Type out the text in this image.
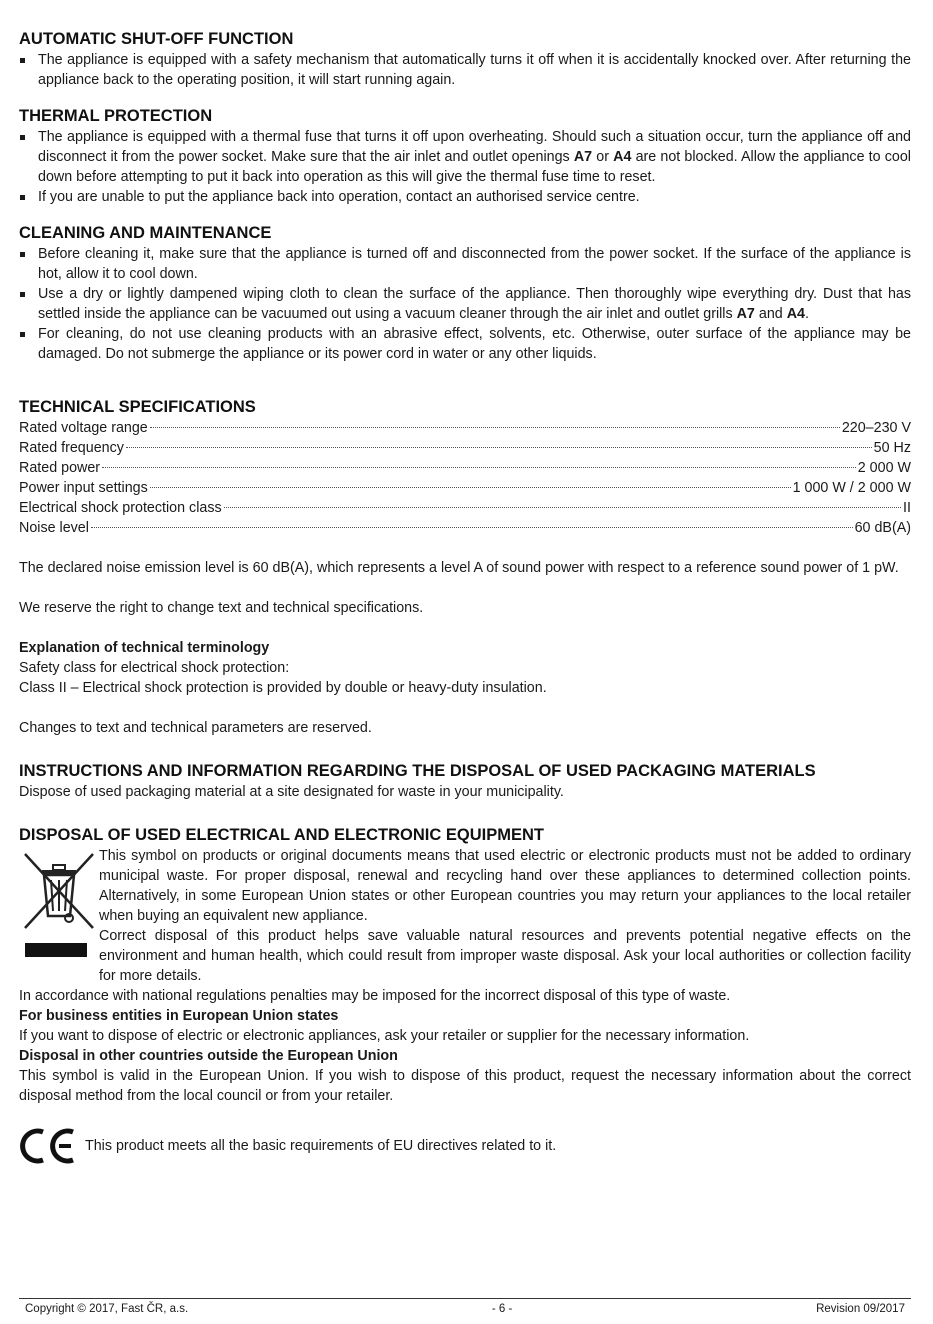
AUTOMATIC SHUT-OFF FUNCTION
The appliance is equipped with a safety mechanism that automatically turns it off when it is accidentally knocked over. After returning the appliance back to the operating position, it will start running again.
THERMAL PROTECTION
The appliance is equipped with a thermal fuse that turns it off upon overheating. Should such a situation occur, turn the appliance off and disconnect it from the power socket. Make sure that the air inlet and outlet openings A7 or A4 are not blocked. Allow the appliance to cool down before attempting to put it back into operation as this will give the thermal fuse time to reset.
If you are unable to put the appliance back into operation, contact an authorised service centre.
CLEANING AND MAINTENANCE
Before cleaning it, make sure that the appliance is turned off and disconnected from the power socket. If the surface of the appliance is hot, allow it to cool down.
Use a dry or lightly dampened wiping cloth to clean the surface of the appliance. Then thoroughly wipe everything dry. Dust that has settled inside the appliance can be vacuumed out using a vacuum cleaner through the air inlet and outlet grills A7 and A4.
For cleaning, do not use cleaning products with an abrasive effect, solvents, etc. Otherwise, outer surface of the appliance may be damaged. Do not submerge the appliance or its power cord in water or any other liquids.
TECHNICAL SPECIFICATIONS
Rated voltage range	220–230 V
Rated frequency	50 Hz
Rated power	2 000 W
Power input settings	1 000 W / 2 000 W
Electrical shock protection class	II
Noise level	60 dB(A)

The declared noise emission level is 60 dB(A), which represents a level A of sound power with respect to a reference sound power of 1 pW.

We reserve the right to change text and technical specifications.

Explanation of technical terminology

Safety class for electrical shock protection:

Class II – Electrical shock protection is provided by double or heavy-duty insulation.

Changes to text and technical parameters are reserved.

INSTRUCTIONS AND INFORMATION REGARDING THE DISPOSAL OF USED PACKAGING MATERIALS

Dispose of used packaging material at a site designated for waste in your municipality.

DISPOSAL OF USED ELECTRICAL AND ELECTRONIC EQUIPMENT

This symbol on products or original documents means that used electric or electronic products must not be added to ordinary municipal waste. For proper disposal, renewal and recycling hand over these appliances to determined collection points. Alternatively, in some European Union states or other European countries you may return your appliances to the local retailer when buying an equivalent new appliance.

Correct disposal of this product helps save valuable natural resources and prevents potential negative effects on the environment and human health, which could result from improper waste disposal. Ask your local authorities or collection facility for more details.

In accordance with national regulations penalties may be imposed for the incorrect disposal of this type of waste.

For business entities in European Union states

If you want to dispose of electric or electronic appliances, ask your retailer or supplier for the necessary information.

Disposal in other countries outside the European Union

This symbol is valid in the European Union. If you wish to dispose of this product, request the necessary information about the correct disposal method from the local council or from your retailer.

This product meets all the basic requirements of EU directives related to it.
Copyright © 2017, Fast ČR, a.s.	- 6 -	Revision 09/2017
